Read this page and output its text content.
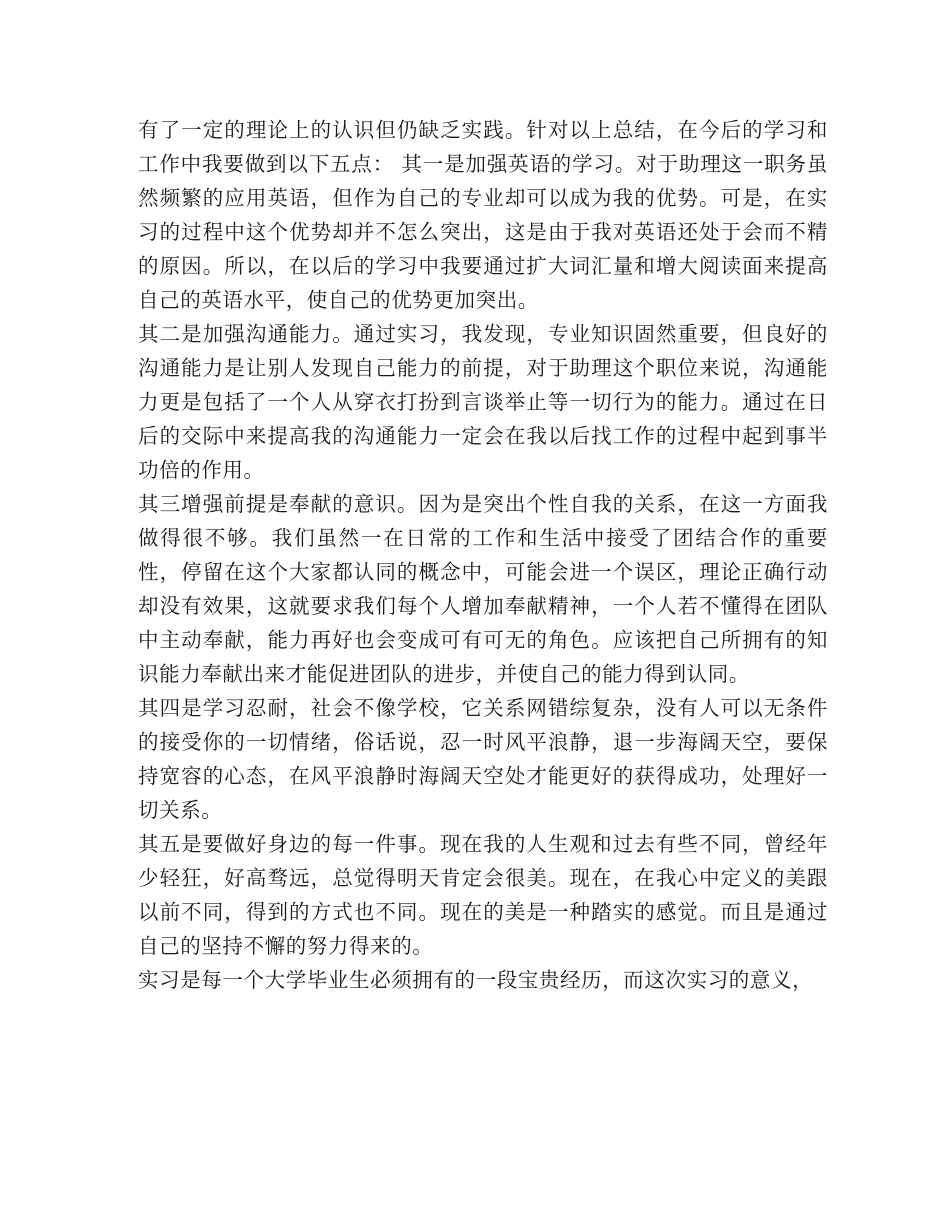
有了一定的理论上的认识但仍缺乏实践。针对以上总结，在今后的学习和工作中我要做到以下五点： 其一是加强英语的学习。对于助理这一职务虽然频繁的应用英语，但作为自己的专业却可以成为我的优势。可是，在实习的过程中这个优势却并不怎么突出，这是由于我对英语还处于会而不精的原因。所以，在以后的学习中我要通过扩大词汇量和增大阅读面来提高自己的英语水平，使自己的优势更加突出。

其二是加强沟通能力。通过实习，我发现，专业知识固然重要，但良好的沟通能力是让别人发现自己能力的前提，对于助理这个职位来说，沟通能力更是包括了一个人从穿衣打扮到言谈举止等一切行为的能力。通过在日后的交际中来提高我的沟通能力一定会在我以后找工作的过程中起到事半功倍的作用。

其三增强前提是奉献的意识。因为是突出个性自我的关系，在这一方面我做得很不够。我们虽然一在日常的工作和生活中接受了团结合作的重要性，停留在这个大家都认同的概念中，可能会进一个误区，理论正确行动却没有效果，这就要求我们每个人增加奉献精神，一个人若不懂得在团队中主动奉献，能力再好也会变成可有可无的角色。应该把自己所拥有的知识能力奉献出来才能促进团队的进步，并使自己的能力得到认同。

其四是学习忍耐，社会不像学校，它关系网错综复杂，没有人可以无条件的接受你的一切情绪，俗话说，忍一时风平浪静，退一步海阔天空，要保持宽容的心态，在风平浪静时海阔天空处才能更好的获得成功，处理好一切关系。

其五是要做好身边的每一件事。现在我的人生观和过去有些不同，曾经年少轻狂，好高骛远，总觉得明天肯定会很美。现在，在我心中定义的美跟以前不同，得到的方式也不同。现在的美是一种踏实的感觉。而且是通过自己的坚持不懈的努力得来的。

实习是每一个大学毕业生必须拥有的一段宝贵经历，而这次实习的意义，
